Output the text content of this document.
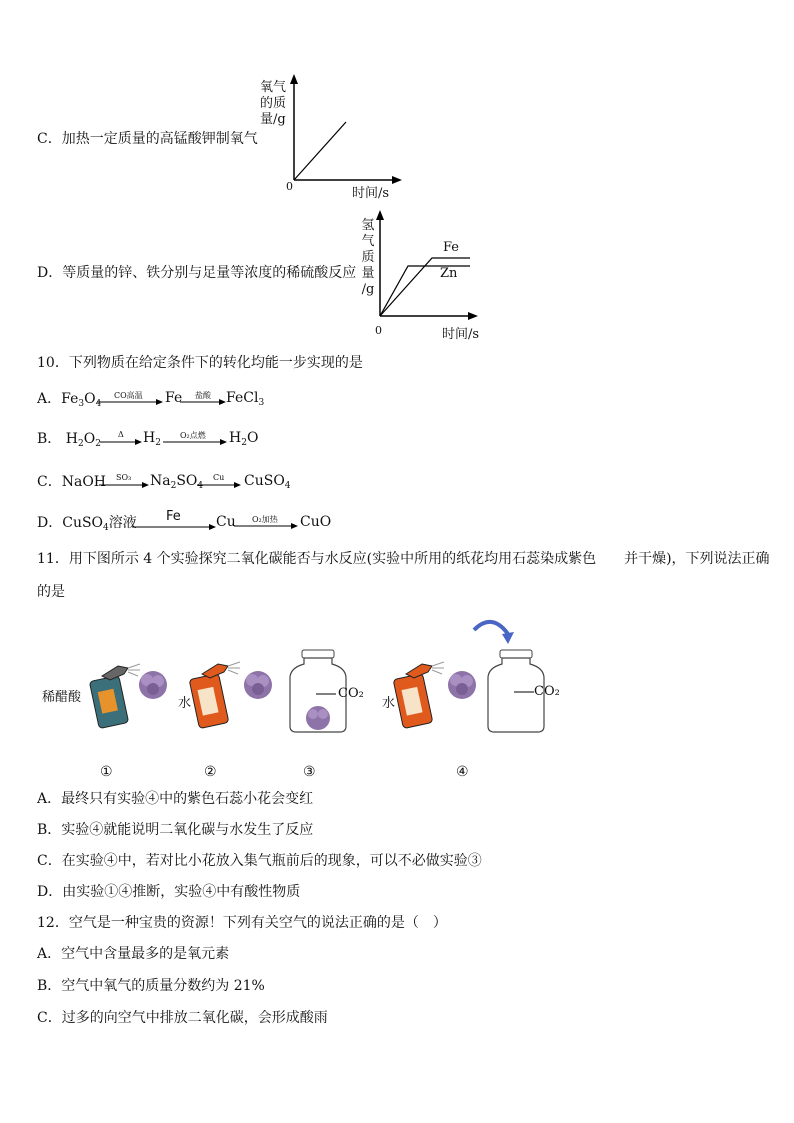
C．加热一定质量的高锰酸钾制氧气
氧气
的质
量/g
0	时间/s
D．等质量的锌、铁分别与足量等浓度的稀硫酸反应
氢
气
质
量
/g
Fe
Zn
0	时间/s
10．下列物质在给定条件下的转化均能一步实现的是
A．$Fe_3O_4$
CO高温 Fe 盐酸 FeCl$_3$
B． $H_2O_2$
Δ $H_2$
O₂点燃 $H_2O$
C．NaOH SO₃ $Na_2SO_4$
Cu CuSO$_4$
D．CuSO$_4$溶液 Fe	Cu O₂加热 CuO
11．用下图所示 4 个实验探究二氧化碳能否与水反应(实验中所用的纸花均用石蕊染成紫色　　并干燥)，下列说法正确
的是
稀醋酸	水
CO₂
水
CO₂
①	②	③	④
A．最终只有实验④中的紫色石蕊小花会变红
B．实验④就能说明二氧化碳与水发生了反应
C．在实验④中，若对比小花放入集气瓶前后的现象，可以不必做实验③
D．由实验①④推断，实验④中有酸性物质
12．空气是一种宝贵的资源！下列有关空气的说法正确的是（　）
A．空气中含量最多的是氧元素
B．空气中氧气的质量分数约为 21%
C．过多的向空气中排放二氧化碳，会形成酸雨
